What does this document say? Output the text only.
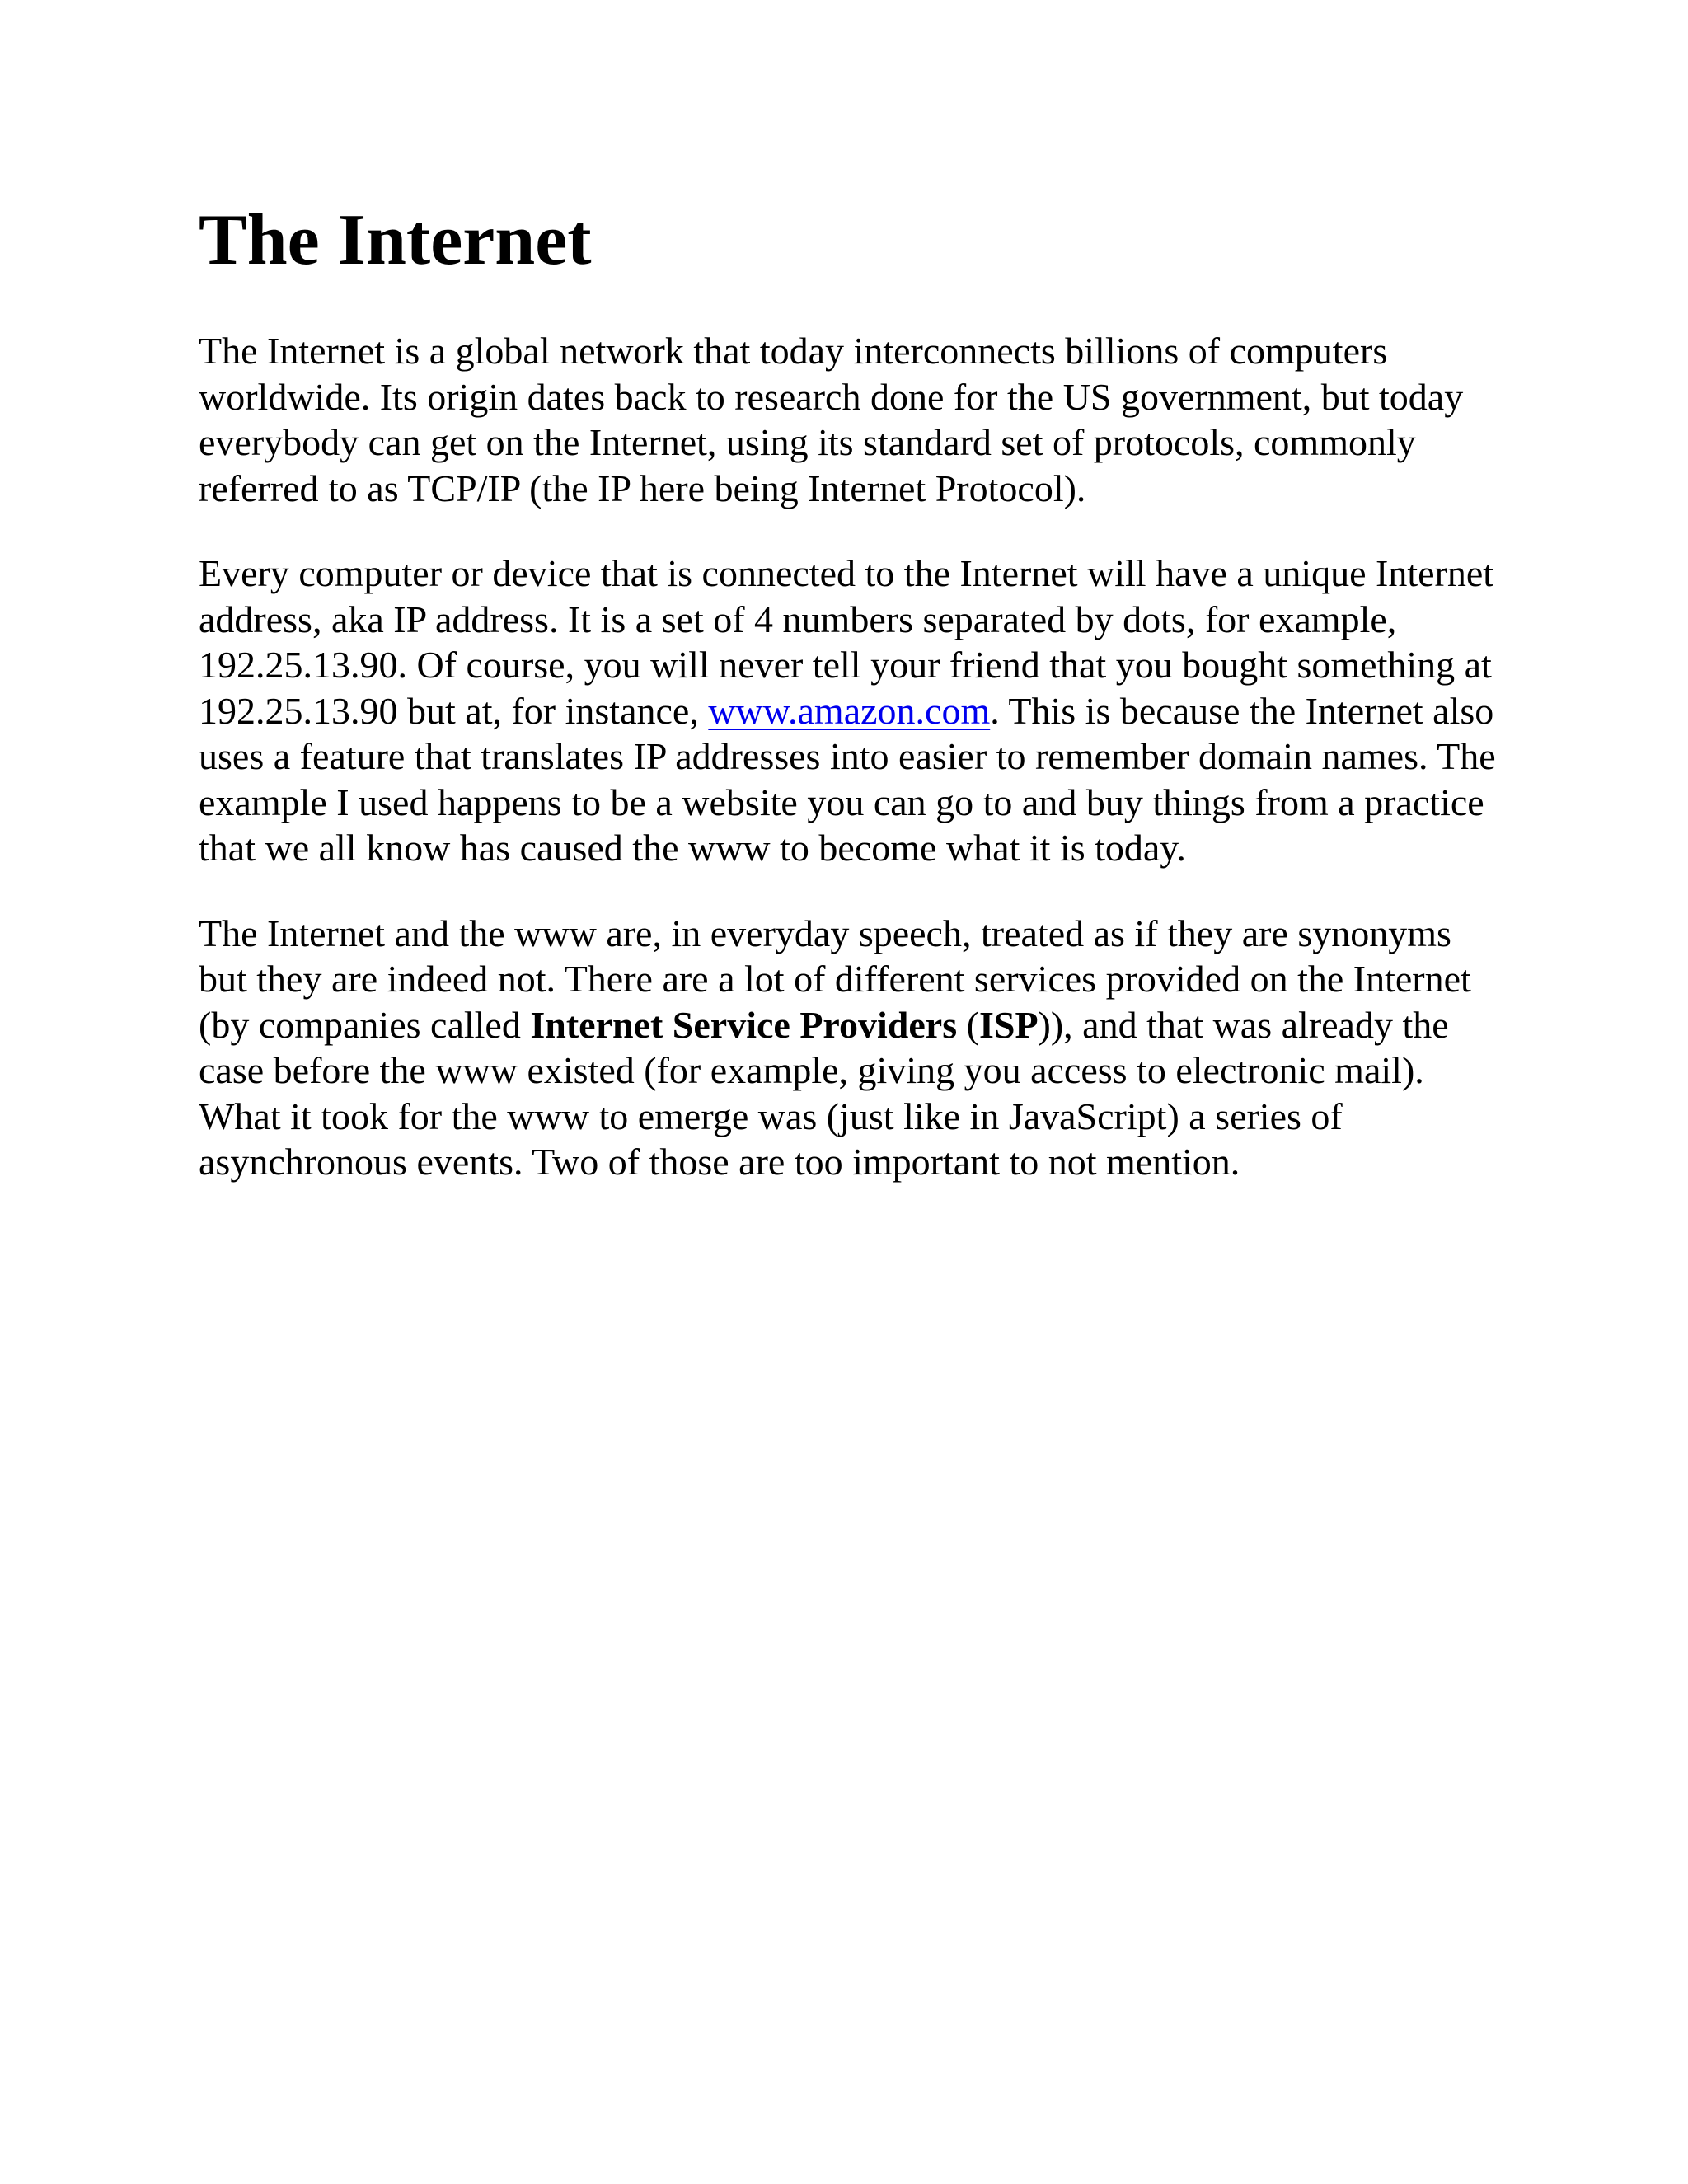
The Internet

The Internet is a global network that today interconnects billions of computers worldwide. Its origin dates back to research done for the US government, but today everybody can get on the Internet, using its standard set of protocols, commonly referred to as TCP/IP (the IP here being Internet Protocol).

Every computer or device that is connected to the Internet will have a unique Internet address, aka IP address. It is a set of 4 numbers separated by dots, for example, 192.25.13.90. Of course, you will never tell your friend that you bought something at 192.25.13.90 but at, for instance, www.amazon.com. This is because the Internet also uses a feature that translates IP addresses into easier to remember domain names. The example I used happens to be a website you can go to and buy things from a practice that we all know has caused the www to become what it is today.

The Internet and the www are, in everyday speech, treated as if they are synonyms but they are indeed not. There are a lot of different services provided on the Internet (by companies called Internet Service Providers (ISP)), and that was already the case before the www existed (for example, giving you access to electronic mail). What it took for the www to emerge was (just like in JavaScript) a series of asynchronous events. Two of those are too important to not mention.
